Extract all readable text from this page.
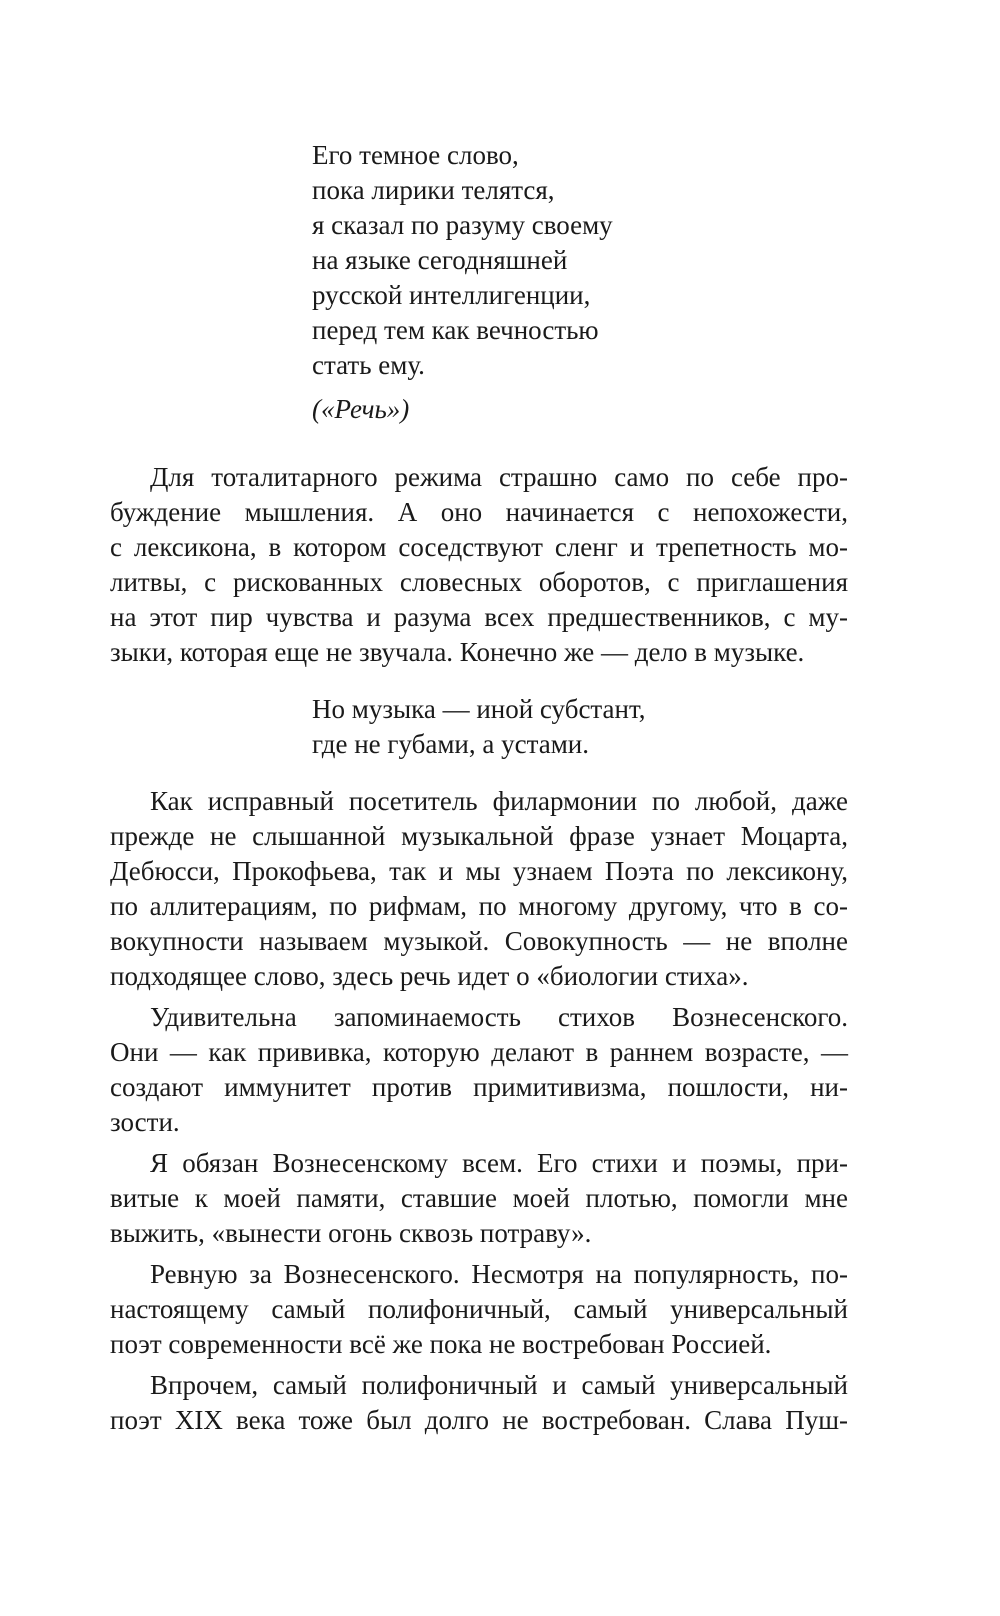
Его темное слово,
пока лирики телятся,
я сказал по разуму своему
на языке сегодняшней
русской интеллигенции,
перед тем как вечностью
стать ему.
(«Речь»)
Для тоталитарного режима страшно само по себе про-
буждение мышления. А оно начинается с непохожести,
с лексикона, в котором соседствуют сленг и трепетность мо-
литвы, с рискованных словесных оборотов, с приглашения
на этот пир чувства и разума всех предшественников, с му-
зыки, которая еще не звучала. Конечно же — дело в музыке.
Но музыка — иной субстант,
где не губами, а устами.
Как исправный посетитель филармонии по любой, даже
прежде не слышанной музыкальной фразе узнает Моцарта,
Дебюсси, Прокофьева, так и мы узнаем Поэта по лексикону,
по аллитерациям, по рифмам, по многому другому, что в со-
вокупности называем музыкой. Совокупность — не вполне
подходящее слово, здесь речь идет о «биологии стиха».
Удивительна запоминаемость стихов Вознесенского.
Они — как прививка, которую делают в раннем возрасте, —
создают иммунитет против примитивизма, пошлости, ни-
зости.
Я обязан Вознесенскому всем. Его стихи и поэмы, при-
витые к моей памяти, ставшие моей плотью, помогли мне
выжить, «вынести огонь сквозь потраву».
Ревную за Вознесенского. Несмотря на популярность, по-
настоящему самый полифоничный, самый универсальный
поэт современности всё же пока не востребован Россией.
Впрочем, самый полифоничный и самый универсальный
поэт XIX века тоже был долго не востребован. Слава Пуш-
